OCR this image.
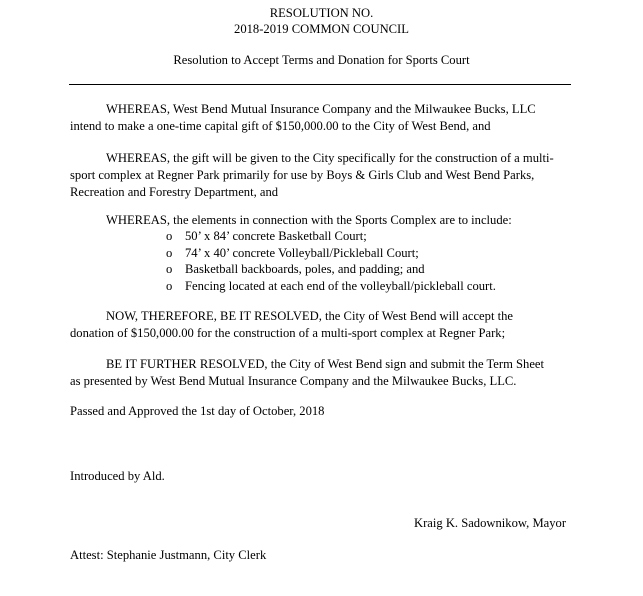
RESOLUTION NO.
2018-2019 COMMON COUNCIL
Resolution to Accept Terms and Donation for Sports Court
WHEREAS, West Bend Mutual Insurance Company and the Milwaukee Bucks, LLC
intend to make a one-time capital gift of $150,000.00 to the City of West Bend, and
WHEREAS, the gift will be given to the City specifically for the construction of a multi-
sport complex at Regner Park primarily for use by Boys & Girls Club and West Bend Parks,
Recreation and Forestry Department, and
WHEREAS, the elements in connection with the Sports Complex are to include:
o 50’ x 84’ concrete Basketball Court;
o 74’ x 40’ concrete Volleyball/Pickleball Court;
o Basketball backboards, poles, and padding; and
o Fencing located at each end of the volleyball/pickleball court.
NOW, THEREFORE, BE IT RESOLVED, the City of West Bend will accept the
donation of $150,000.00 for the construction of a multi-sport complex at Regner Park;
BE IT FURTHER RESOLVED, the City of West Bend sign and submit the Term Sheet
as presented by West Bend Mutual Insurance Company and the Milwaukee Bucks, LLC.
Passed and Approved the 1st day of October, 2018
Introduced by Ald.
Kraig K. Sadownikow, Mayor
Attest: Stephanie Justmann, City Clerk
